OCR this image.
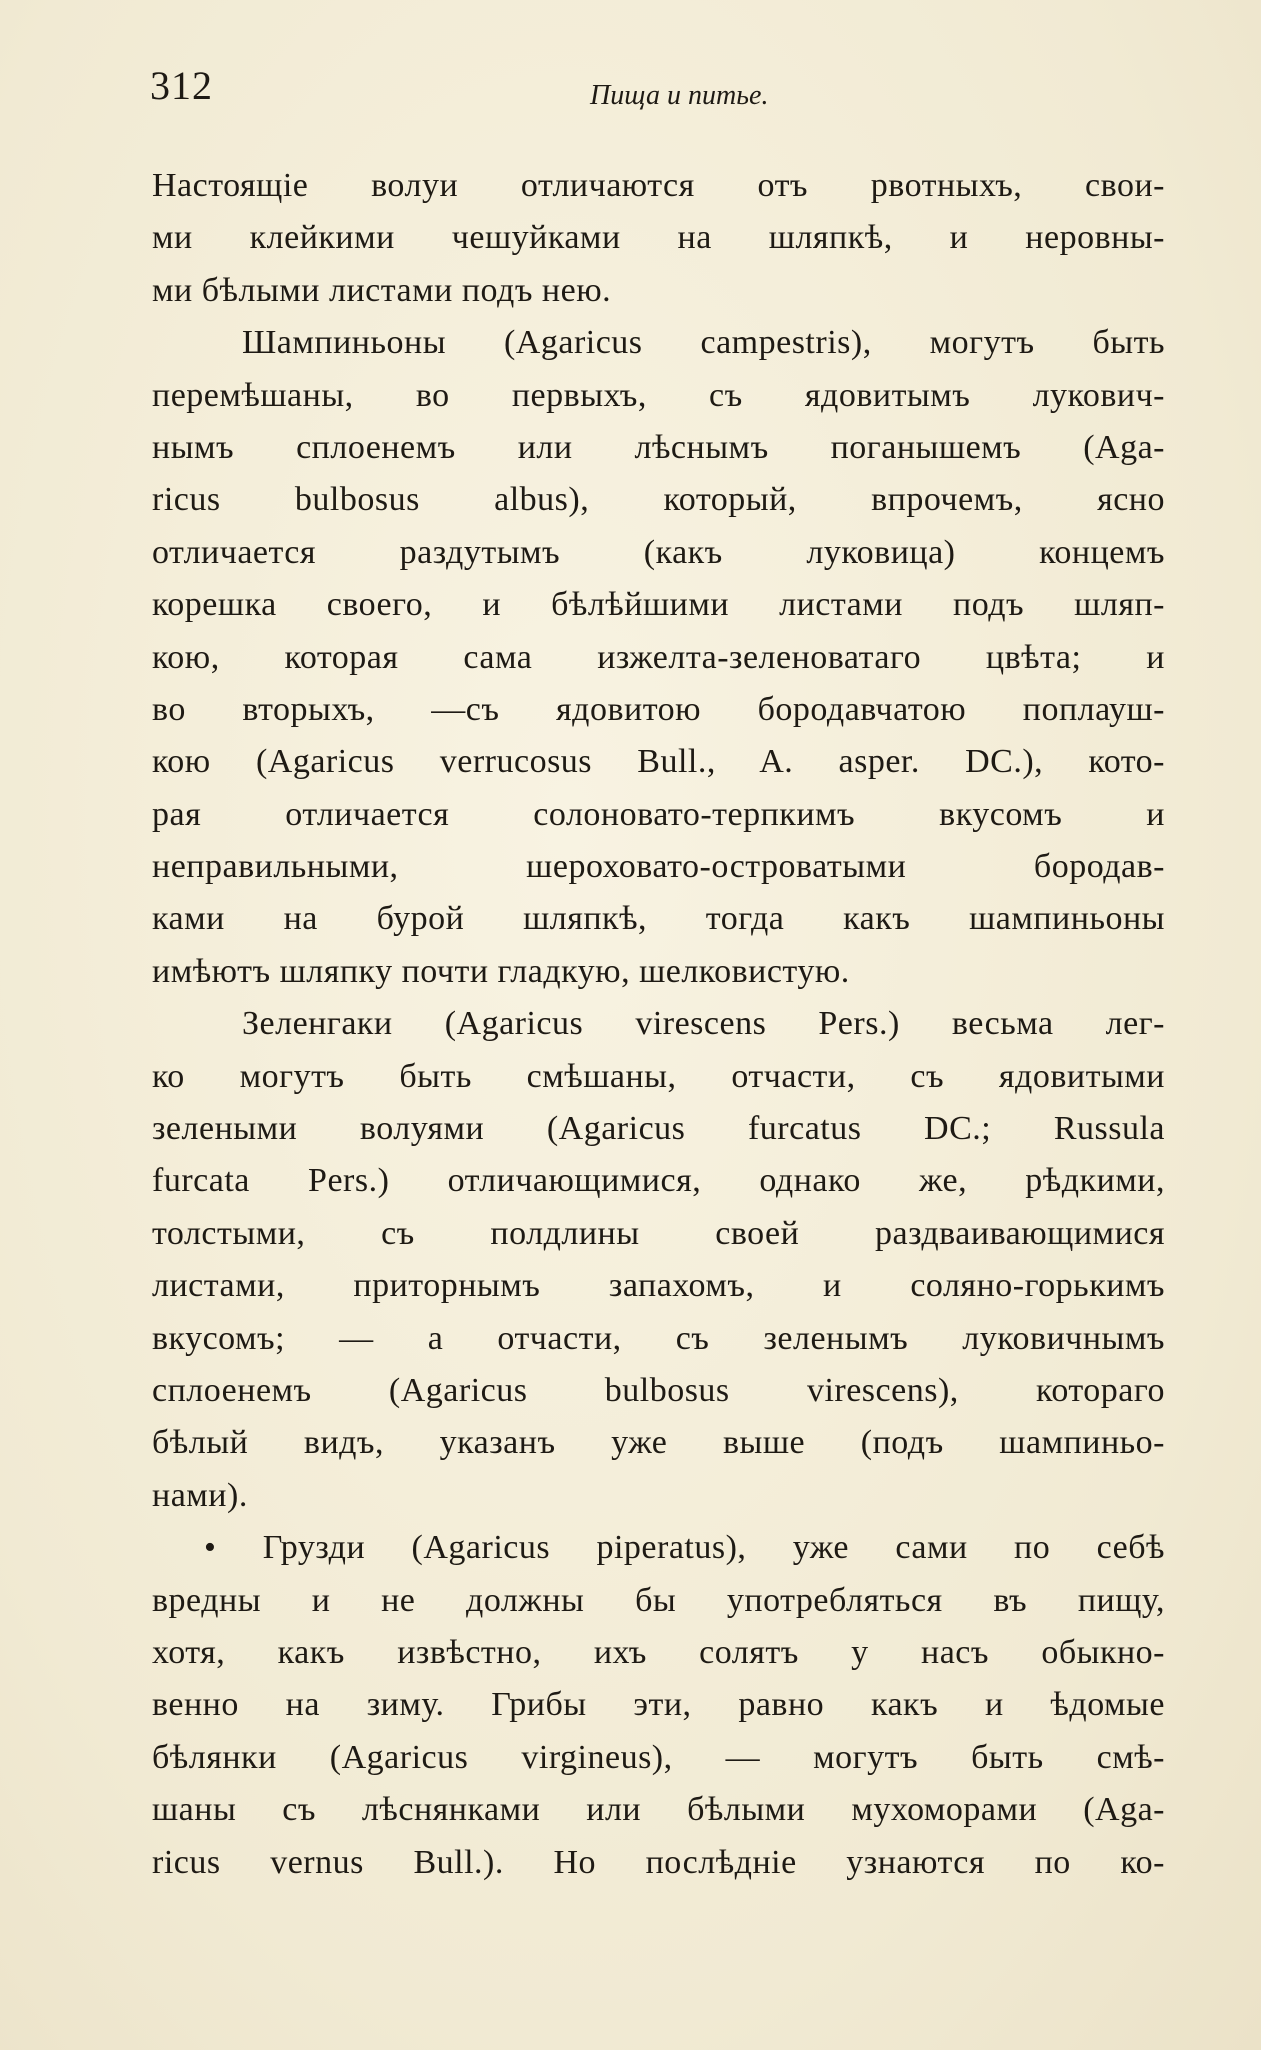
312	Пища и питье.
Настоящіе волуи отличаются отъ рвотныхъ, свои-
ми клейкими чешуйками на шляпкѣ, и неровны-
ми бѣлыми листами подъ нею.
Шампиньоны (Agaricus campestris), могутъ быть
перемѣшаны, во первыхъ, съ ядовитымъ лукович-
нымъ сплоенемъ или лѣснымъ поганышемъ (Aga-
ricus bulbosus albus), который, впрочемъ, ясно
отличается раздутымъ (какъ луковица) концемъ
корешка своего, и бѣлѣйшими листами подъ шляп-
кою, которая сама изжелта-зеленоватаго цвѣта; и
во вторыхъ, —съ ядовитою бородавчатою поплауш-
кою (Agaricus verrucosus Bull., A. asper. DC.), кото-
рая отличается солоновато-терпкимъ вкусомъ и
неправильными, шероховато-островатыми бородав-
ками на бурой шляпкѣ, тогда какъ шампиньоны
имѣютъ шляпку почти гладкую, шелковистую.
Зеленгаки (Agaricus virescens Pers.) весьма лег-
ко могутъ быть смѣшаны, отчасти, съ ядовитыми
зелеными волуями (Agaricus furcatus DC.; Russula
furcata Pers.) отличающимися, однако же, рѣдкими,
толстыми, съ полдлины своей раздваивающимися
листами, приторнымъ запахомъ, и соляно-горькимъ
вкусомъ; — а отчасти, съ зеленымъ луковичнымъ
сплоенемъ (Agaricus bulbosus virescens), котораго
бѣлый видъ, указанъ уже выше (подъ шампиньо-
нами).
• Грузди (Agaricus piperatus), уже сами по себѣ
вредны и не должны бы употребляться въ пищу,
хотя, какъ извѣстно, ихъ солятъ у насъ обыкно-
венно на зиму. Грибы эти, равно какъ и ѣдомые
бѣлянки (Agaricus virgineus), — могутъ быть смѣ-
шаны съ лѣснянками или бѣлыми мухоморами (Aga-
ricus vernus Bull.). Но послѣдніе узнаются по ко-
